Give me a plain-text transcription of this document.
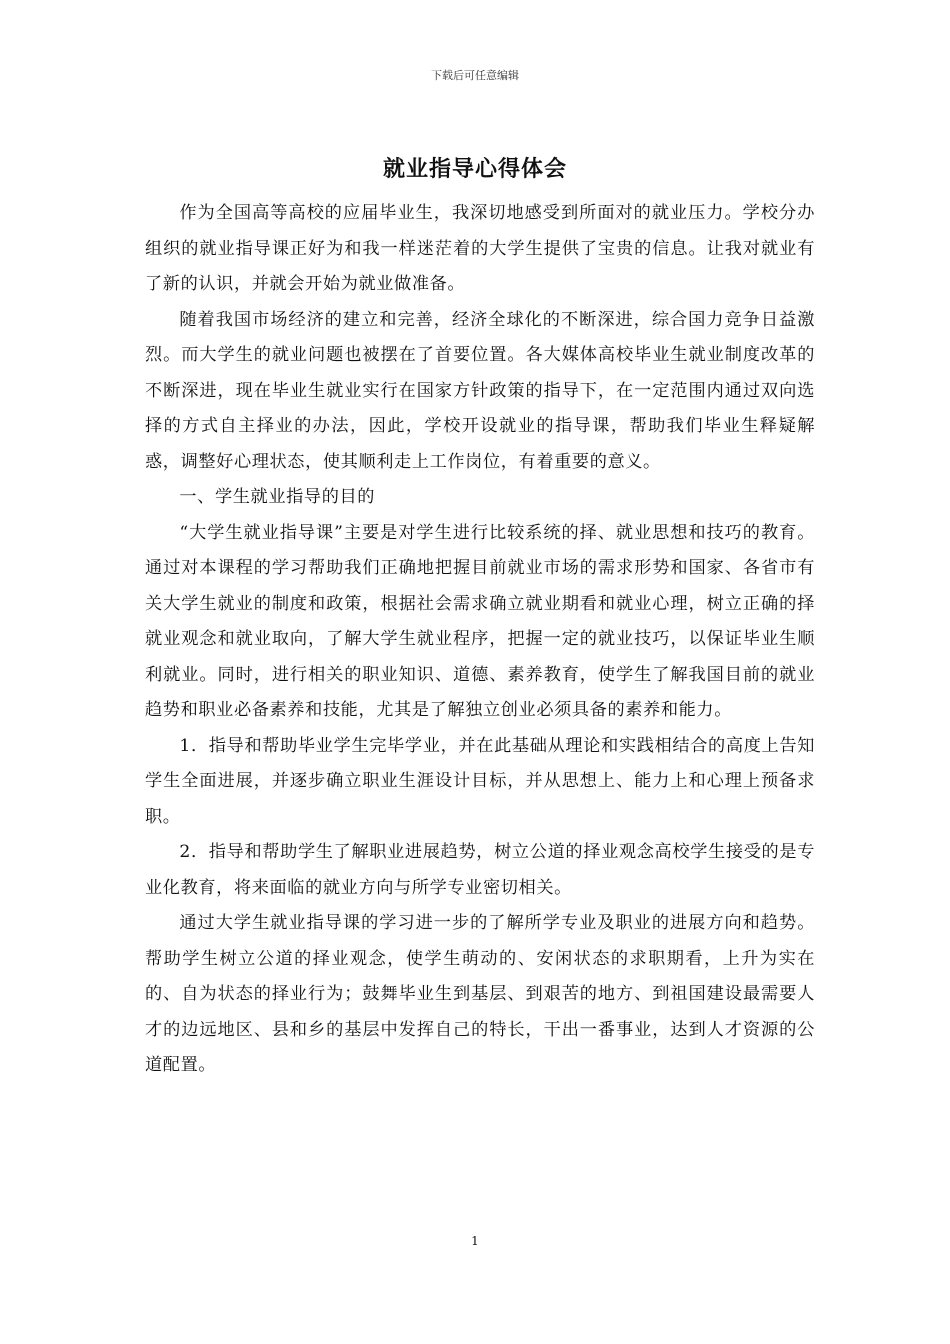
下载后可任意编辑
就业指导心得体会

作为全国高等高校的应届毕业生，我深切地感受到所面对的就业压力。学校分办组织的就业指导课正好为和我一样迷茫着的大学生提供了宝贵的信息。让我对就业有了新的认识，并就会开始为就业做准备。

随着我国市场经济的建立和完善，经济全球化的不断深进，综合国力竞争日益激烈。而大学生的就业问题也被摆在了首要位置。各大媒体高校毕业生就业制度改革的不断深进，现在毕业生就业实行在国家方针政策的指导下，在一定范围内通过双向选择的方式自主择业的办法，因此，学校开设就业的指导课，帮助我们毕业生释疑解惑，调整好心理状态，使其顺利走上工作岗位，有着重要的意义。

一、学生就业指导的目的

“大学生就业指导课”主要是对学生进行比较系统的择、就业思想和技巧的教育。通过对本课程的学习帮助我们正确地把握目前就业市场的需求形势和国家、各省市有关大学生就业的制度和政策，根据社会需求确立就业期看和就业心理，树立正确的择就业观念和就业取向，了解大学生就业程序，把握一定的就业技巧，以保证毕业生顺利就业。同时，进行相关的职业知识、道德、素养教育，使学生了解我国目前的就业趋势和职业必备素养和技能，尤其是了解独立创业必须具备的素养和能力。

1．指导和帮助毕业学生完毕学业，并在此基础从理论和实践相结合的高度上告知学生全面进展，并逐步确立职业生涯设计目标，并从思想上、能力上和心理上预备求职。

2．指导和帮助学生了解职业进展趋势，树立公道的择业观念高校学生接受的是专业化教育，将来面临的就业方向与所学专业密切相关。

通过大学生就业指导课的学习进一步的了解所学专业及职业的进展方向和趋势。帮助学生树立公道的择业观念，使学生萌动的、安闲状态的求职期看，上升为实在的、自为状态的择业行为；鼓舞毕业生到基层、到艰苦的地方、到祖国建设最需要人才的边远地区、县和乡的基层中发挥自己的特长，干出一番事业，达到人才资源的公道配置。

1
